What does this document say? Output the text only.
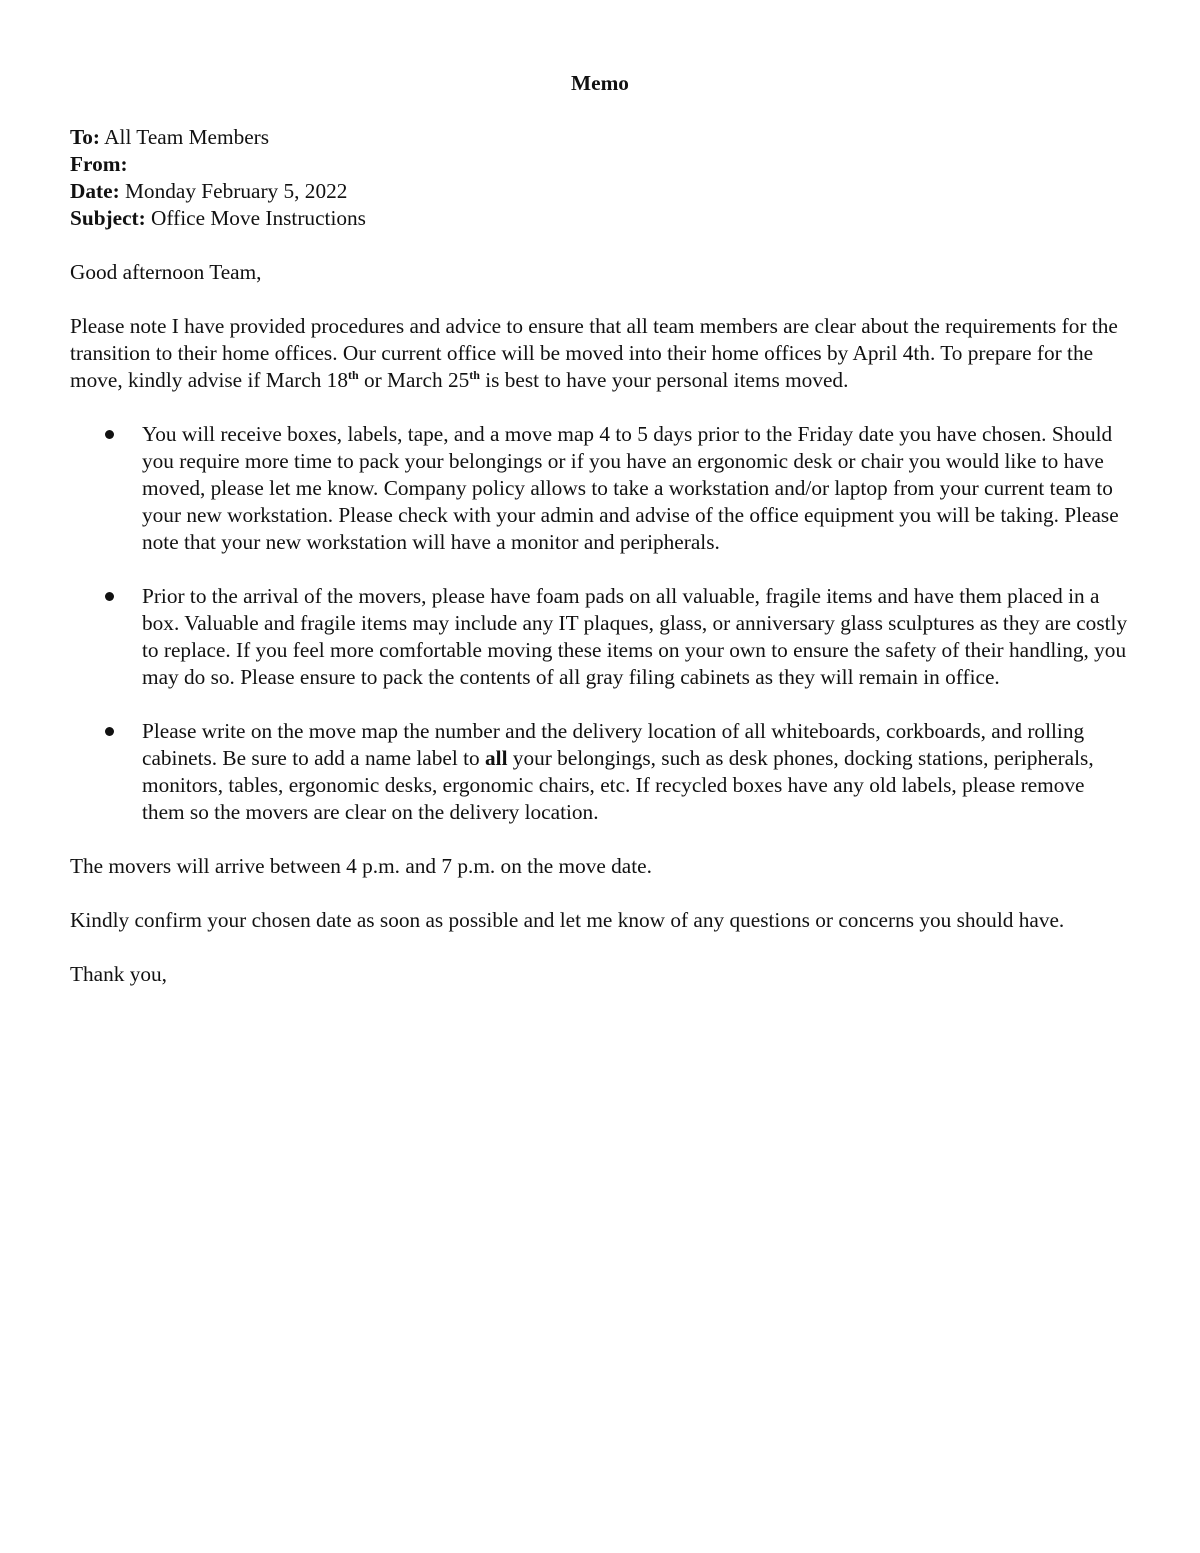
Memo
To: All Team Members
From:
Date: Monday February 5, 2022
Subject: Office Move Instructions

Good afternoon Team,

Please note I have provided procedures and advice to ensure that all team members are clear about the requirements for the transition to their home offices. Our current office will be moved into their home offices by April 4th. To prepare for the move, kindly advise if March 18th or March 25th is best to have your personal items moved.

You will receive boxes, labels, tape, and a move map 4 to 5 days prior to the Friday date you have chosen. Should you require more time to pack your belongings or if you have an ergonomic desk or chair you would like to have moved, please let me know. Company policy allows to take a workstation and/or laptop from your current team to your new workstation. Please check with your admin and advise of the office equipment you will be taking. Please note that your new workstation will have a monitor and peripherals.
Prior to the arrival of the movers, please have foam pads on all valuable, fragile items and have them placed in a box. Valuable and fragile items may include any IT plaques, glass, or anniversary glass sculptures as they are costly to replace. If you feel more comfortable moving these items on your own to ensure the safety of their handling, you may do so. Please ensure to pack the contents of all gray filing cabinets as they will remain in office.
Please write on the move map the number and the delivery location of all whiteboards, corkboards, and rolling cabinets. Be sure to add a name label to all your belongings, such as desk phones, docking stations, peripherals, monitors, tables, ergonomic desks, ergonomic chairs, etc. If recycled boxes have any old labels, please remove them so the movers are clear on the delivery location.

The movers will arrive between 4 p.m. and 7 p.m. on the move date.

Kindly confirm your chosen date as soon as possible and let me know of any questions or concerns you should have.

Thank you,
